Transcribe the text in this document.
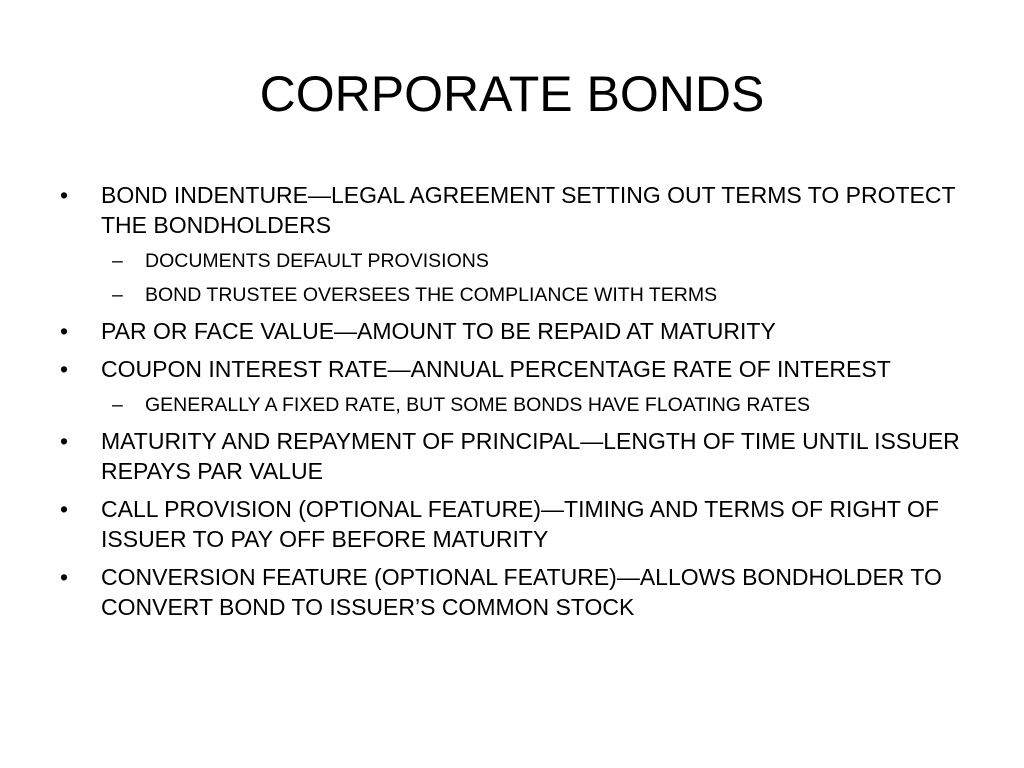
CORPORATE BONDS
•	BOND INDENTURE—LEGAL AGREEMENT SETTING OUT TERMS TO PROTECT THE BONDHOLDERS
–	DOCUMENTS DEFAULT PROVISIONS
–	BOND TRUSTEE OVERSEES THE COMPLIANCE WITH TERMS
•	PAR OR FACE VALUE—AMOUNT TO BE REPAID AT MATURITY
•	COUPON INTEREST RATE—ANNUAL PERCENTAGE RATE OF INTEREST
–	GENERALLY A FIXED RATE, BUT SOME BONDS HAVE FLOATING RATES
•	MATURITY AND REPAYMENT OF PRINCIPAL—LENGTH OF TIME UNTIL ISSUER REPAYS PAR VALUE
•	CALL PROVISION (OPTIONAL FEATURE)—TIMING AND TERMS OF RIGHT OF ISSUER TO PAY OFF BEFORE MATURITY
•	CONVERSION FEATURE (OPTIONAL FEATURE)—ALLOWS BONDHOLDER TO CONVERT BOND TO ISSUER’S COMMON STOCK
